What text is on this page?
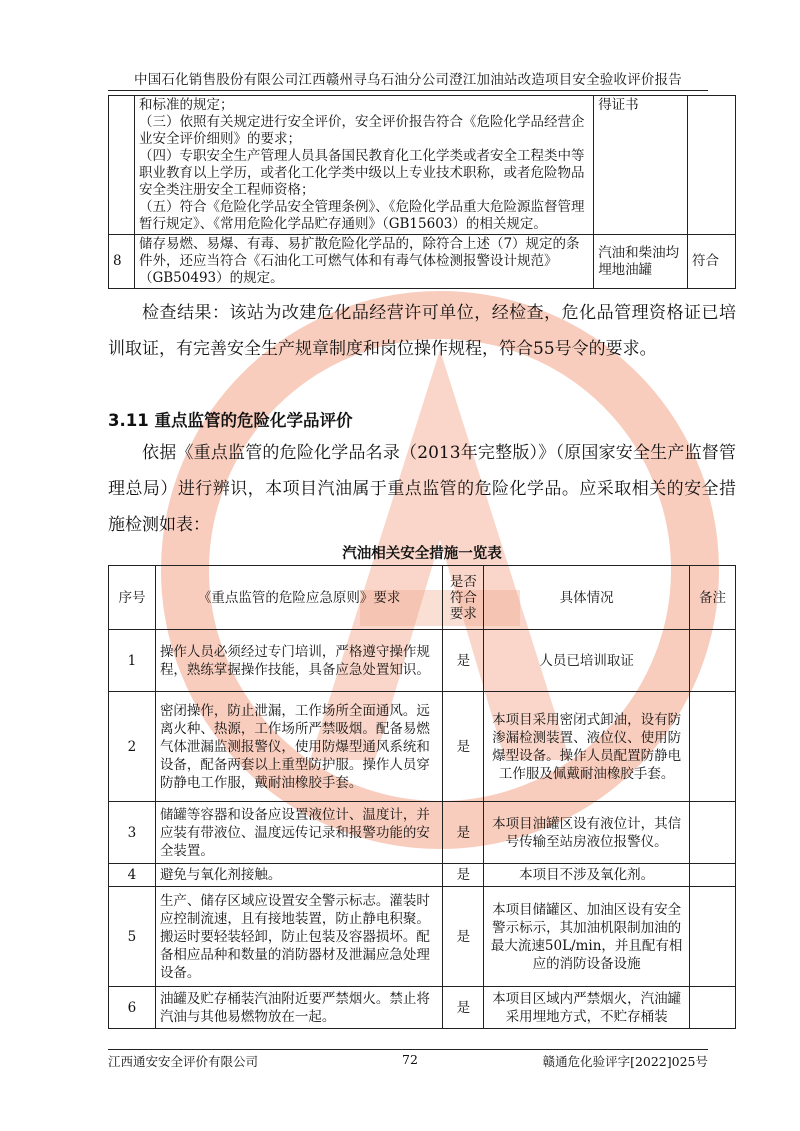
中国石化销售股份有限公司江西赣州寻乌石油分公司澄江加油站改造项目安全验收评价报告

	和标准的规定；
（三）依照有关规定进行安全评价，安全评价报告符合《危险化学品经营企业安全评价细则》的要求；
（四）专职安全生产管理人员具备国民教育化工化学类或者安全工程类中等职业教育以上学历，或者化工化学类中级以上专业技术职称，或者危险物品安全类注册安全工程师资格；
（五）符合《危险化学品安全管理条例》、《危险化学品重大危险源监督管理暂行规定》、《常用危险化学品贮存通则》（GB15603）的相关规定。	得证书	
8	储存易燃、易爆、有毒、易扩散危险化学品的，除符合上述（7）规定的条件外，还应当符合《石油化工可燃气体和有毒气体检测报警设计规范》（GB50493）的规定。	汽油和柴油均埋地油罐	符合
检查结果：该站为改建危化品经营许可单位，经检查，危化品管理资格证已培训取证，有完善安全生产规章制度和岗位操作规程，符合55号令的要求。
3.11 重点监管的危险化学品评价
依据《重点监管的危险化学品名录（2013年完整版）》（原国家安全生产监督管理总局）进行辨识，本项目汽油属于重点监管的危险化学品。应采取相关的安全措施检测如表：
汽油相关安全措施一览表
序号	《重点监管的危险应急原则》要求	是否符合要求	具体情况	备注
1	操作人员必须经过专门培训，严格遵守操作规程，熟练掌握操作技能，具备应急处置知识。	是	人员已培训取证	
2	密闭操作，防止泄漏，工作场所全面通风。远离火种、热源，工作场所严禁吸烟。配备易燃气体泄漏监测报警仪，使用防爆型通风系统和设备，配备两套以上重型防护服。操作人员穿防静电工作服，戴耐油橡胶手套。	是	本项目采用密闭式卸油，设有防渗漏检测装置、液位仪、使用防爆型设备。操作人员配置防静电工作服及佩戴耐油橡胶手套。	
3	储罐等容器和设备应设置液位计、温度计，并应装有带液位、温度远传记录和报警功能的安全装置。	是	本项目油罐区设有液位计，其信号传输至站房液位报警仪。	
4	避免与氧化剂接触。	是	本项目不涉及氧化剂。	
5	生产、储存区域应设置安全警示标志。灌装时应控制流速，且有接地装置，防止静电积聚。搬运时要轻装轻卸，防止包装及容器损坏。配备相应品种和数量的消防器材及泄漏应急处理设备。	是	本项目储罐区、加油区设有安全警示标示，其加油机限制加油的最大流速50L/min，并且配有相应的消防设备设施	
6	油罐及贮存桶装汽油附近要严禁烟火。禁止将汽油与其他易燃物放在一起。	是	本项目区域内严禁烟火，汽油罐采用埋地方式，不贮存桶装	
江西通安安全评价有限公司	72	赣通危化验评字[2022]025号
